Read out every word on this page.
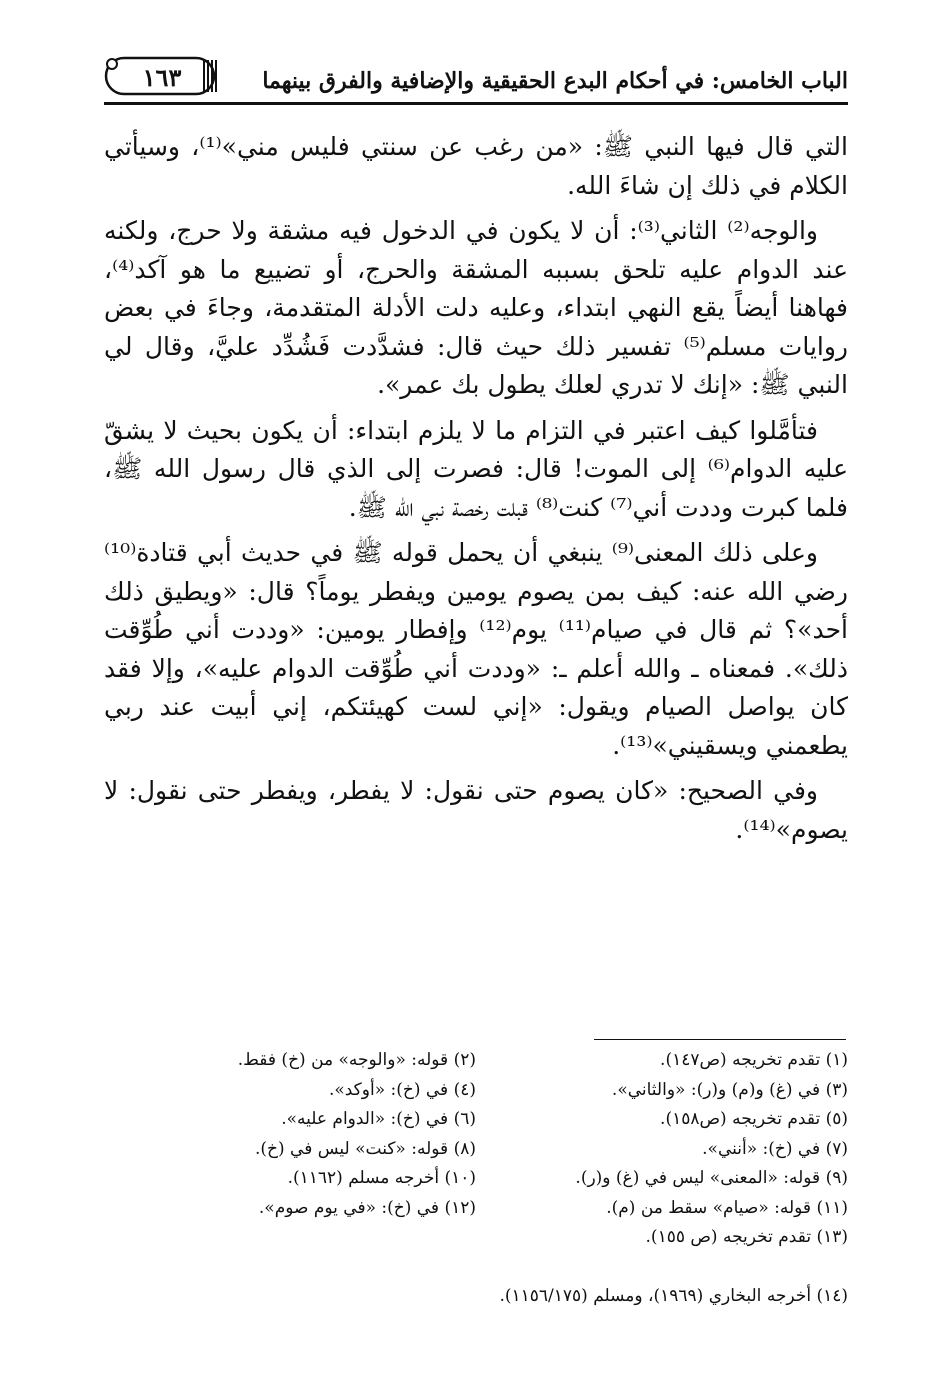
١٦٣	الباب الخامس: في أحكام البدع الحقيقية والإضافية والفرق بينهما

التي قال فيها النبي ﷺ: «من رغب عن سنتي فليس مني»⁽¹⁾، وسيأتي الكلام في ذلك إن شاءَ الله.

والوجه⁽²⁾ الثاني⁽³⁾: أن لا يكون في الدخول فيه مشقة ولا حرج، ولكنه عند الدوام عليه تلحق بسببه المشقة والحرج، أو تضييع ما هو آكد⁽⁴⁾، فهاهنا أيضاً يقع النهي ابتداء، وعليه دلت الأدلة المتقدمة، وجاءَ في بعض روايات مسلم⁽⁵⁾ تفسير ذلك حيث قال: فشدَّدت فَشُدِّد عليَّ، وقال لي النبي ﷺ: «إنك لا تدري لعلك يطول بك عمر».

فتأمَّلوا كيف اعتبر في التزام ما لا يلزم ابتداء: أن يكون بحيث لا يشقّ عليه الدوام⁽⁶⁾ إلى الموت! قال: فصرت إلى الذي قال رسول الله ﷺ، فلما كبرت وددت أني⁽⁷⁾ كنت⁽⁸⁾ قبلت رخصة نبي الله ﷺ.

وعلى ذلك المعنى⁽⁹⁾ ينبغي أن يحمل قوله ﷺ في حديث أبي قتادة⁽¹⁰⁾ رضي الله عنه: كيف بمن يصوم يومين ويفطر يوماً؟ قال: «ويطيق ذلك أحد»؟ ثم قال في صيام⁽¹¹⁾ يوم⁽¹²⁾ وإفطار يومين: «وددت أني طُوِّقت ذلك». فمعناه ـ والله أعلم ـ: «وددت أني طُوِّقت الدوام عليه»، وإلا فقد كان يواصل الصيام ويقول: «إني لست كهيئتكم، إني أبيت عند ربي يطعمني ويسقيني»⁽¹³⁾.

وفي الصحيح: «كان يصوم حتى نقول: لا يفطر، ويفطر حتى نقول: لا يصوم»⁽¹⁴⁾.

(١) تقدم تخريجه (ص١٤٧).
(٣) في (غ) و(م) و(ر): «والثاني».
(٥) تقدم تخريجه (ص١٥٨).
(٧) في (خ): «أنني».
(٩) قوله: «المعنى» ليس في (غ) و(ر).
(١١) قوله: «صيام» سقط من (م).
(١٣) تقدم تخريجه (ص ١٥٥).
(٢) قوله: «والوجه» من (خ) فقط.
(٤) في (خ): «أوكد».
(٦) في (خ): «الدوام عليه».
(٨) قوله: «كنت» ليس في (خ).
(١٠) أخرجه مسلم (١١٦٢).
(١٢) في (خ): «في يوم صوم».
(١٤) أخرجه البخاري (١٩٦٩)، ومسلم (١١٥٦/١٧٥).
